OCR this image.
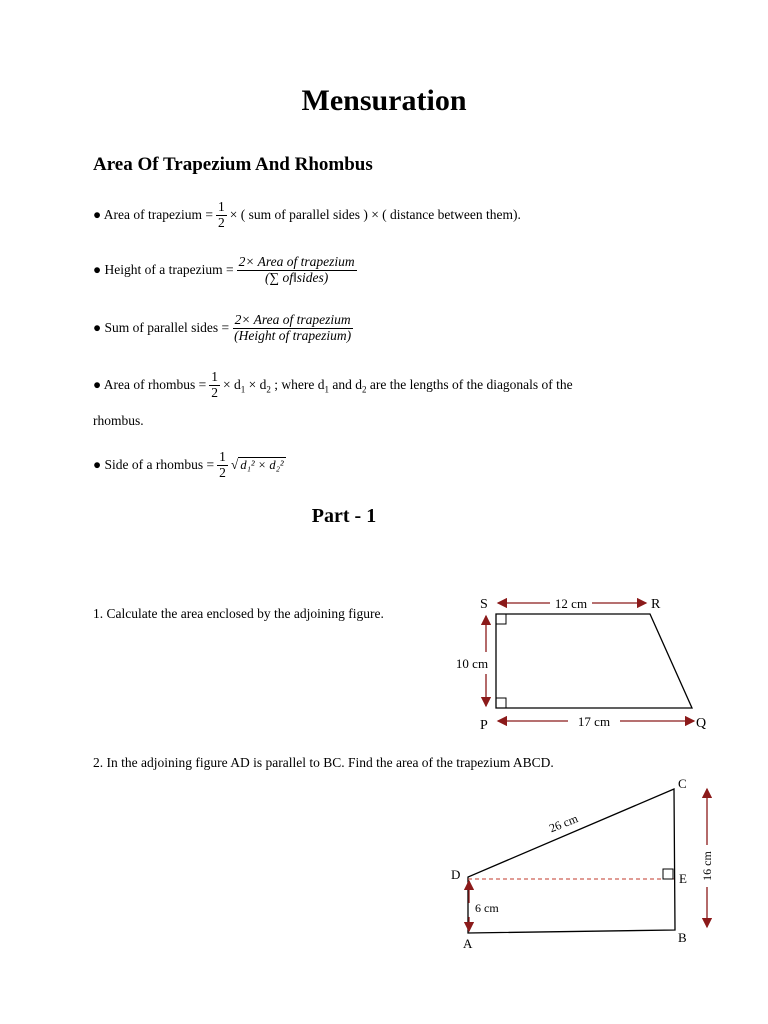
Mensuration
Area Of Trapezium And Rhombus
● Area of trapezium = $\frac{1}{2}$ × ( sum of parallel sides ) × ( distance between them).
● Height of a trapezium = $\frac{\text{2× Area of trapezium}}{\text{(∑ of‖sides)}}$
● Sum of parallel sides = $\frac{\text{2× Area of trapezium}}{\text{(Height of trapezium)}}$
● Area of rhombus = $\frac{1}{2} \times d_1 \times d_2$ ; where $d_1$ and $d_2$ are the lengths of the diagonals of the
rhombus.
● Side of a rhombus = $\frac{1}{2}$ √ d₁² × d₂²
Part - 1
1. Calculate the area enclosed by the adjoining figure.
2. In the adjoining figure AD is parallel to BC. Find the area of the trapezium ABCD.
12 cm
10 cm
17 cm
S	R
P	Q
6 cm
16 cm
26 cm
A	B
C
D	E
